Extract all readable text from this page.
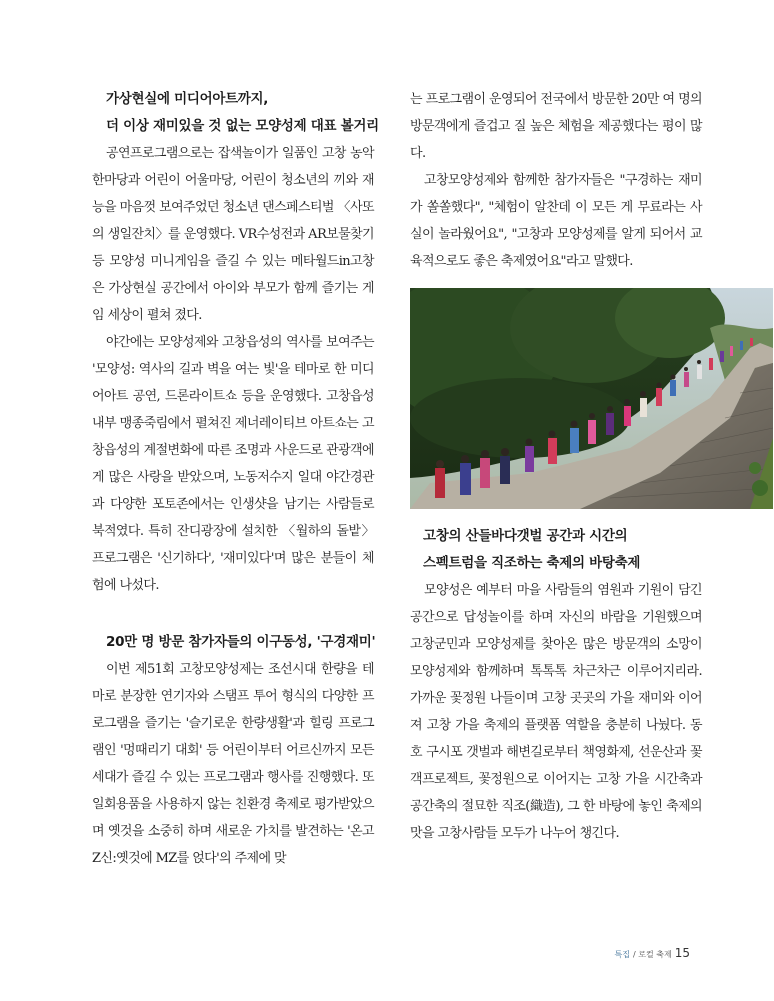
가상현실에 미디어아트까지,
더 이상 재미있을 것 없는 모양성제 대표 볼거리

공연프로그램으로는 잡색놀이가 일품인 고창 농악한마당과 어린이 어울마당, 어린이 청소년의 끼와 재능을 마음껏 보여주었던 청소년 댄스페스티벌 〈사또의 생일잔치〉를 운영했다. VR수성전과 AR보물찾기 등 모양성 미니게임을 즐길 수 있는 메타월드in고창은 가상현실 공간에서 아이와 부모가 함께 즐기는 게임 세상이 펼쳐 졌다.

야간에는 모양성제와 고창읍성의 역사를 보여주는 '모양성: 역사의 길과 벽을 여는 빛'을 테마로 한 미디어아트 공연, 드론라이트쇼 등을 운영했다. 고창읍성 내부 맹종죽림에서 펼쳐진 제너레이티브 아트쇼는 고창읍성의 계절변화에 따른 조명과 사운드로 관광객에게 많은 사랑을 받았으며, 노동저수지 일대 야간경관과 다양한 포토존에서는 인생샷을 남기는 사람들로 북적였다. 특히 잔디광장에 설치한 〈월하의 돌밭〉 프로그램은 '신기하다', '재미있다'며 많은 분들이 체험에 나섰다.

20만 명 방문 참가자들의 이구동성, '구경재미'

이번 제51회 고창모양성제는 조선시대 한량을 테마로 분장한 연기자와 스탬프 투어 형식의 다양한 프로그램을 즐기는 '슬기로운 한량생활'과 힐링 프로그램인 '멍때리기 대회' 등 어린이부터 어르신까지 모든 세대가 즐길 수 있는 프로그램과 행사를 진행했다. 또 일회용품을 사용하지 않는 친환경 축제로 평가받았으며 옛것을 소중히 하며 새로운 가치를 발견하는 '온고Z신:옛것에 MZ를 얹다'의 주제에 맞

는 프로그램이 운영되어 전국에서 방문한 20만 여 명의 방문객에게 즐겁고 질 높은 체험을 제공했다는 평이 많다.

고창모양성제와 함께한 참가자들은 "구경하는 재미가 쏠쏠했다", "체험이 알찬데 이 모든 게 무료라는 사실이 놀라웠어요", "고창과 모양성제를 알게 되어서 교육적으로도 좋은 축제였어요"라고 말했다.

고창의 산들바다갯벌 공간과 시간의
스펙트럼을 직조하는 축제의 바탕축제

모양성은 예부터 마을 사람들의 염원과 기원이 담긴 공간으로 답성놀이를 하며 자신의 바람을 기원했으며 고창군민과 모양성제를 찾아온 많은 방문객의 소망이 모양성제와 함께하며 톡톡톡 차근차근 이루어지리라. 가까운 꽃정원 나들이며 고창 곳곳의 가을 재미와 이어져 고창 가을 축제의 플랫폼 역할을 충분히 나눴다. 동호 구시포 갯벌과 해변길로부터 책영화제, 선운산과 꽃객프로젝트, 꽃정원으로 이어지는 고창 가을 시간축과 공간축의 절묘한 직조(織造), 그 한 바탕에 놓인 축제의 맛을 고창사람들 모두가 나누어 챙긴다.

특집 / 로컬 축제 15
